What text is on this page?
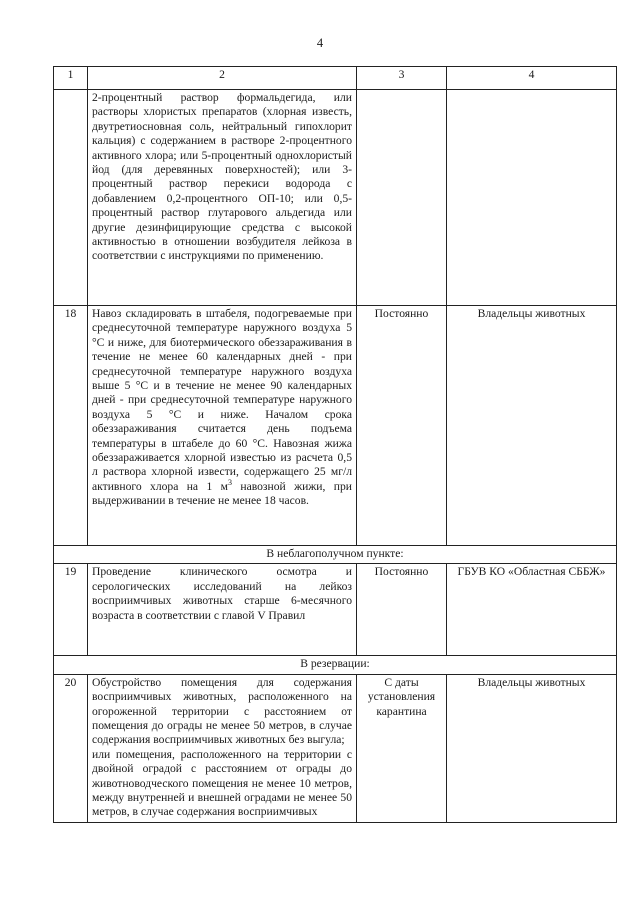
4
1	2	3	4
	2-процентный раствор формальдегида, или растворы хлористых препаратов (хлорная известь, двутретиосновная соль, нейтральный гипохлорит кальция) с содержанием в растворе 2-процентного активного хлора; или 5-процентный однохлористый йод (для деревянных поверхностей); или 3-процентный раствор перекиси водорода с добавлением 0,2-процентного ОП-10; или 0,5-процентный раствор глутарового альдегида или другие дезинфицирующие средства с высокой активностью в отношении возбудителя лейкоза в соответствии с инструкциями по применению.		
18	Навоз складировать в штабеля, подогреваемые при среднесуточной температуре наружного воздуха 5 °С и ниже, для биотермического обеззараживания в течение не менее 60 календарных дней - при среднесуточной температуре наружного воздуха выше 5 °С и в течение не менее 90 календарных дней - при среднесуточной температуре наружного воздуха 5 °С и ниже. Началом срока обеззараживания считается день подъема температуры в штабеле до 60 °С. Навозная жижа обеззараживается хлорной известью из расчета 0,5 л раствора хлорной извести, содержащего 25 мг/л активного хлора на 1 $м^3$ навозной жижи, при выдерживании в течение не менее 18 часов.	Постоянно	Владельцы животных
В неблагополучном пункте:			
19	Проведение клинического осмотра и серологических исследований на лейкоз восприимчивых животных старше 6-месячного возраста в соответствии с главой V Правил	Постоянно	ГБУВ КО «Областная СББЖ»
В резервации:			
20	Обустройство помещения для содержания восприимчивых животных, расположенного на огороженной территории с расстоянием от помещения до ограды не менее 50 метров, в случае содержания восприимчивых животных без выгула;

или помещения, расположенного на территории с двойной оградой с расстоянием от ограды до животноводческого помещения не менее 10 метров, между внутренней и внешней оградами не менее 50 метров, в случае содержания восприимчивых	С даты установления карантина	Владельцы животных
